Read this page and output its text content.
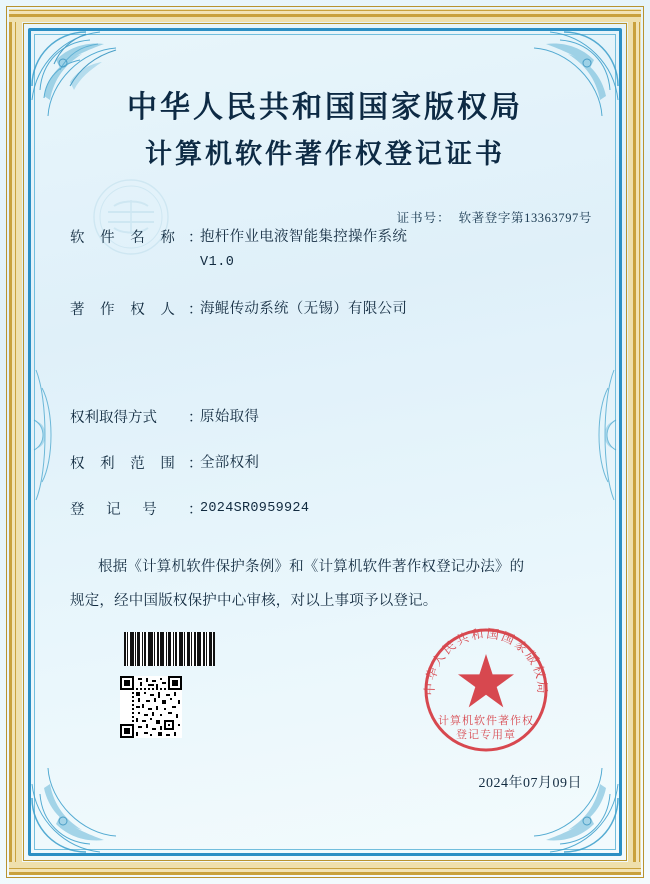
中华人民共和国国家版权局
计算机软件著作权登记证书
证书号： 软著登字第13363797号
软 件 名 称 ：
抱杆作业电液智能集控操作系统
V1.0
著 作 权 人 ：
海鲲传动系统（无锡）有限公司
权利取得方式	：
原始取得
权 利 范 围 ：
全部权利
登 记 号	：
2024SR0959924
根据《计算机软件保护条例》和《计算机软件著作权登记办法》的
规定，经中国版权保护中心审核，对以上事项予以登记。
中华人民共和国国家版权局
计算机软件著作权
登记专用章
2024年07月09日
